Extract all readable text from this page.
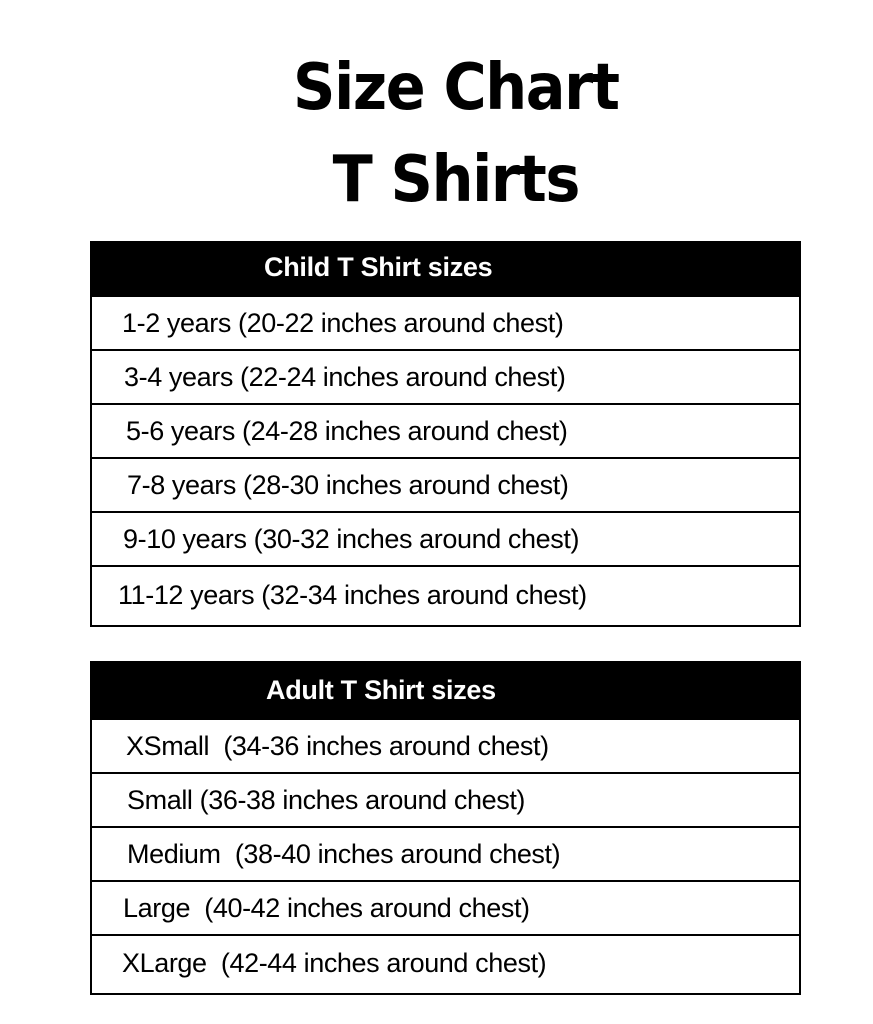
Size Chart
T Shirts
Child T Shirt sizes
1-2 years (20-22 inches around chest)
3-4 years (22-24 inches around chest)
5-6 years (24-28 inches around chest)
7-8 years (28-30 inches around chest)
9-10 years (30-32 inches around chest)
11-12 years (32-34 inches around chest)
Adult T Shirt sizes
XSmall  (34-36 inches around chest)
Small (36-38 inches around chest)
Medium  (38-40 inches around chest)
Large  (40-42 inches around chest)
XLarge  (42-44 inches around chest)
